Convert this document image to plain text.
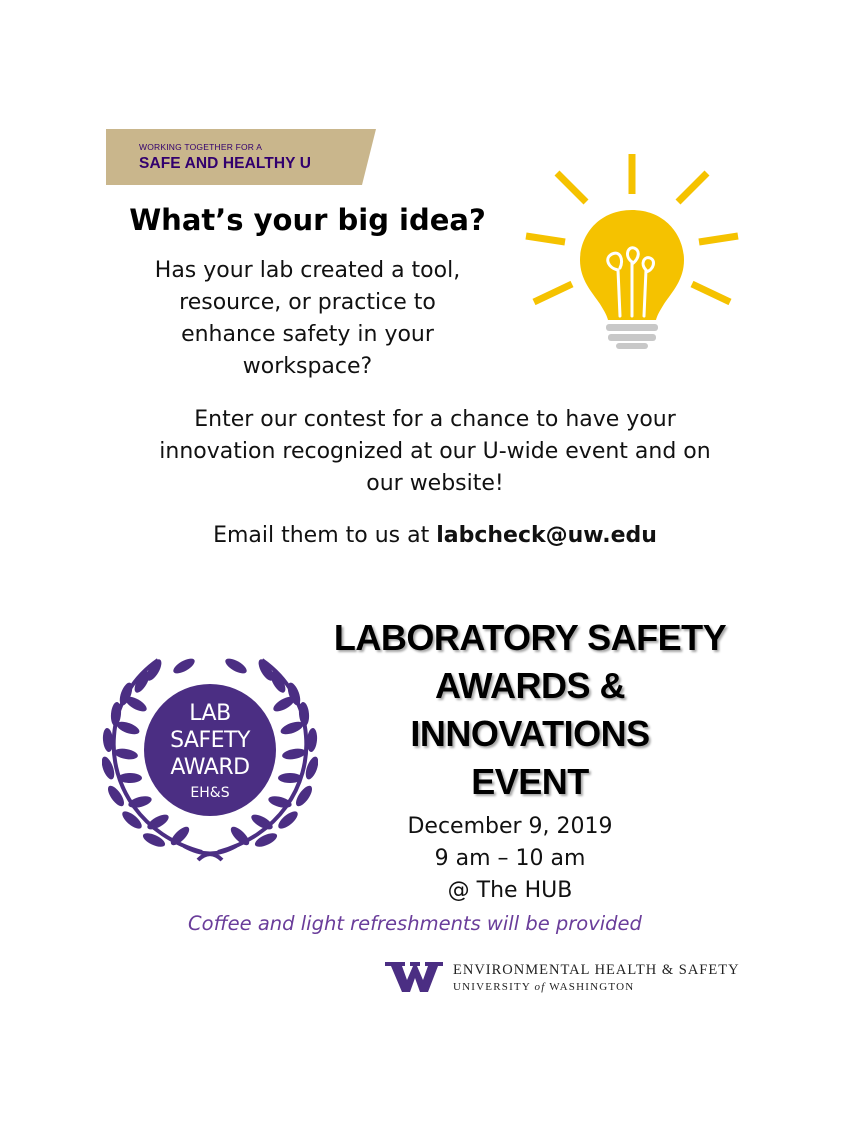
WORKING TOGETHER FOR A
SAFE AND HEALTHY U
What’s your big idea?
Has your lab created a tool,
resource, or practice to
enhance safety in your
workspace?
Enter our contest for a chance to have your
innovation recognized at our U-wide event and on
our website!
Email them to us at labcheck@uw.edu
LAB
SAFETY
AWARD
EH&S
LABORATORY SAFETY
AWARDS &
INNOVATIONS
EVENT
December 9, 2019
9 am – 10 am
@ The HUB
Coffee and light refreshments will be provided
ENVIRONMENTAL HEALTH & SAFETY
UNIVERSITY of WASHINGTON
